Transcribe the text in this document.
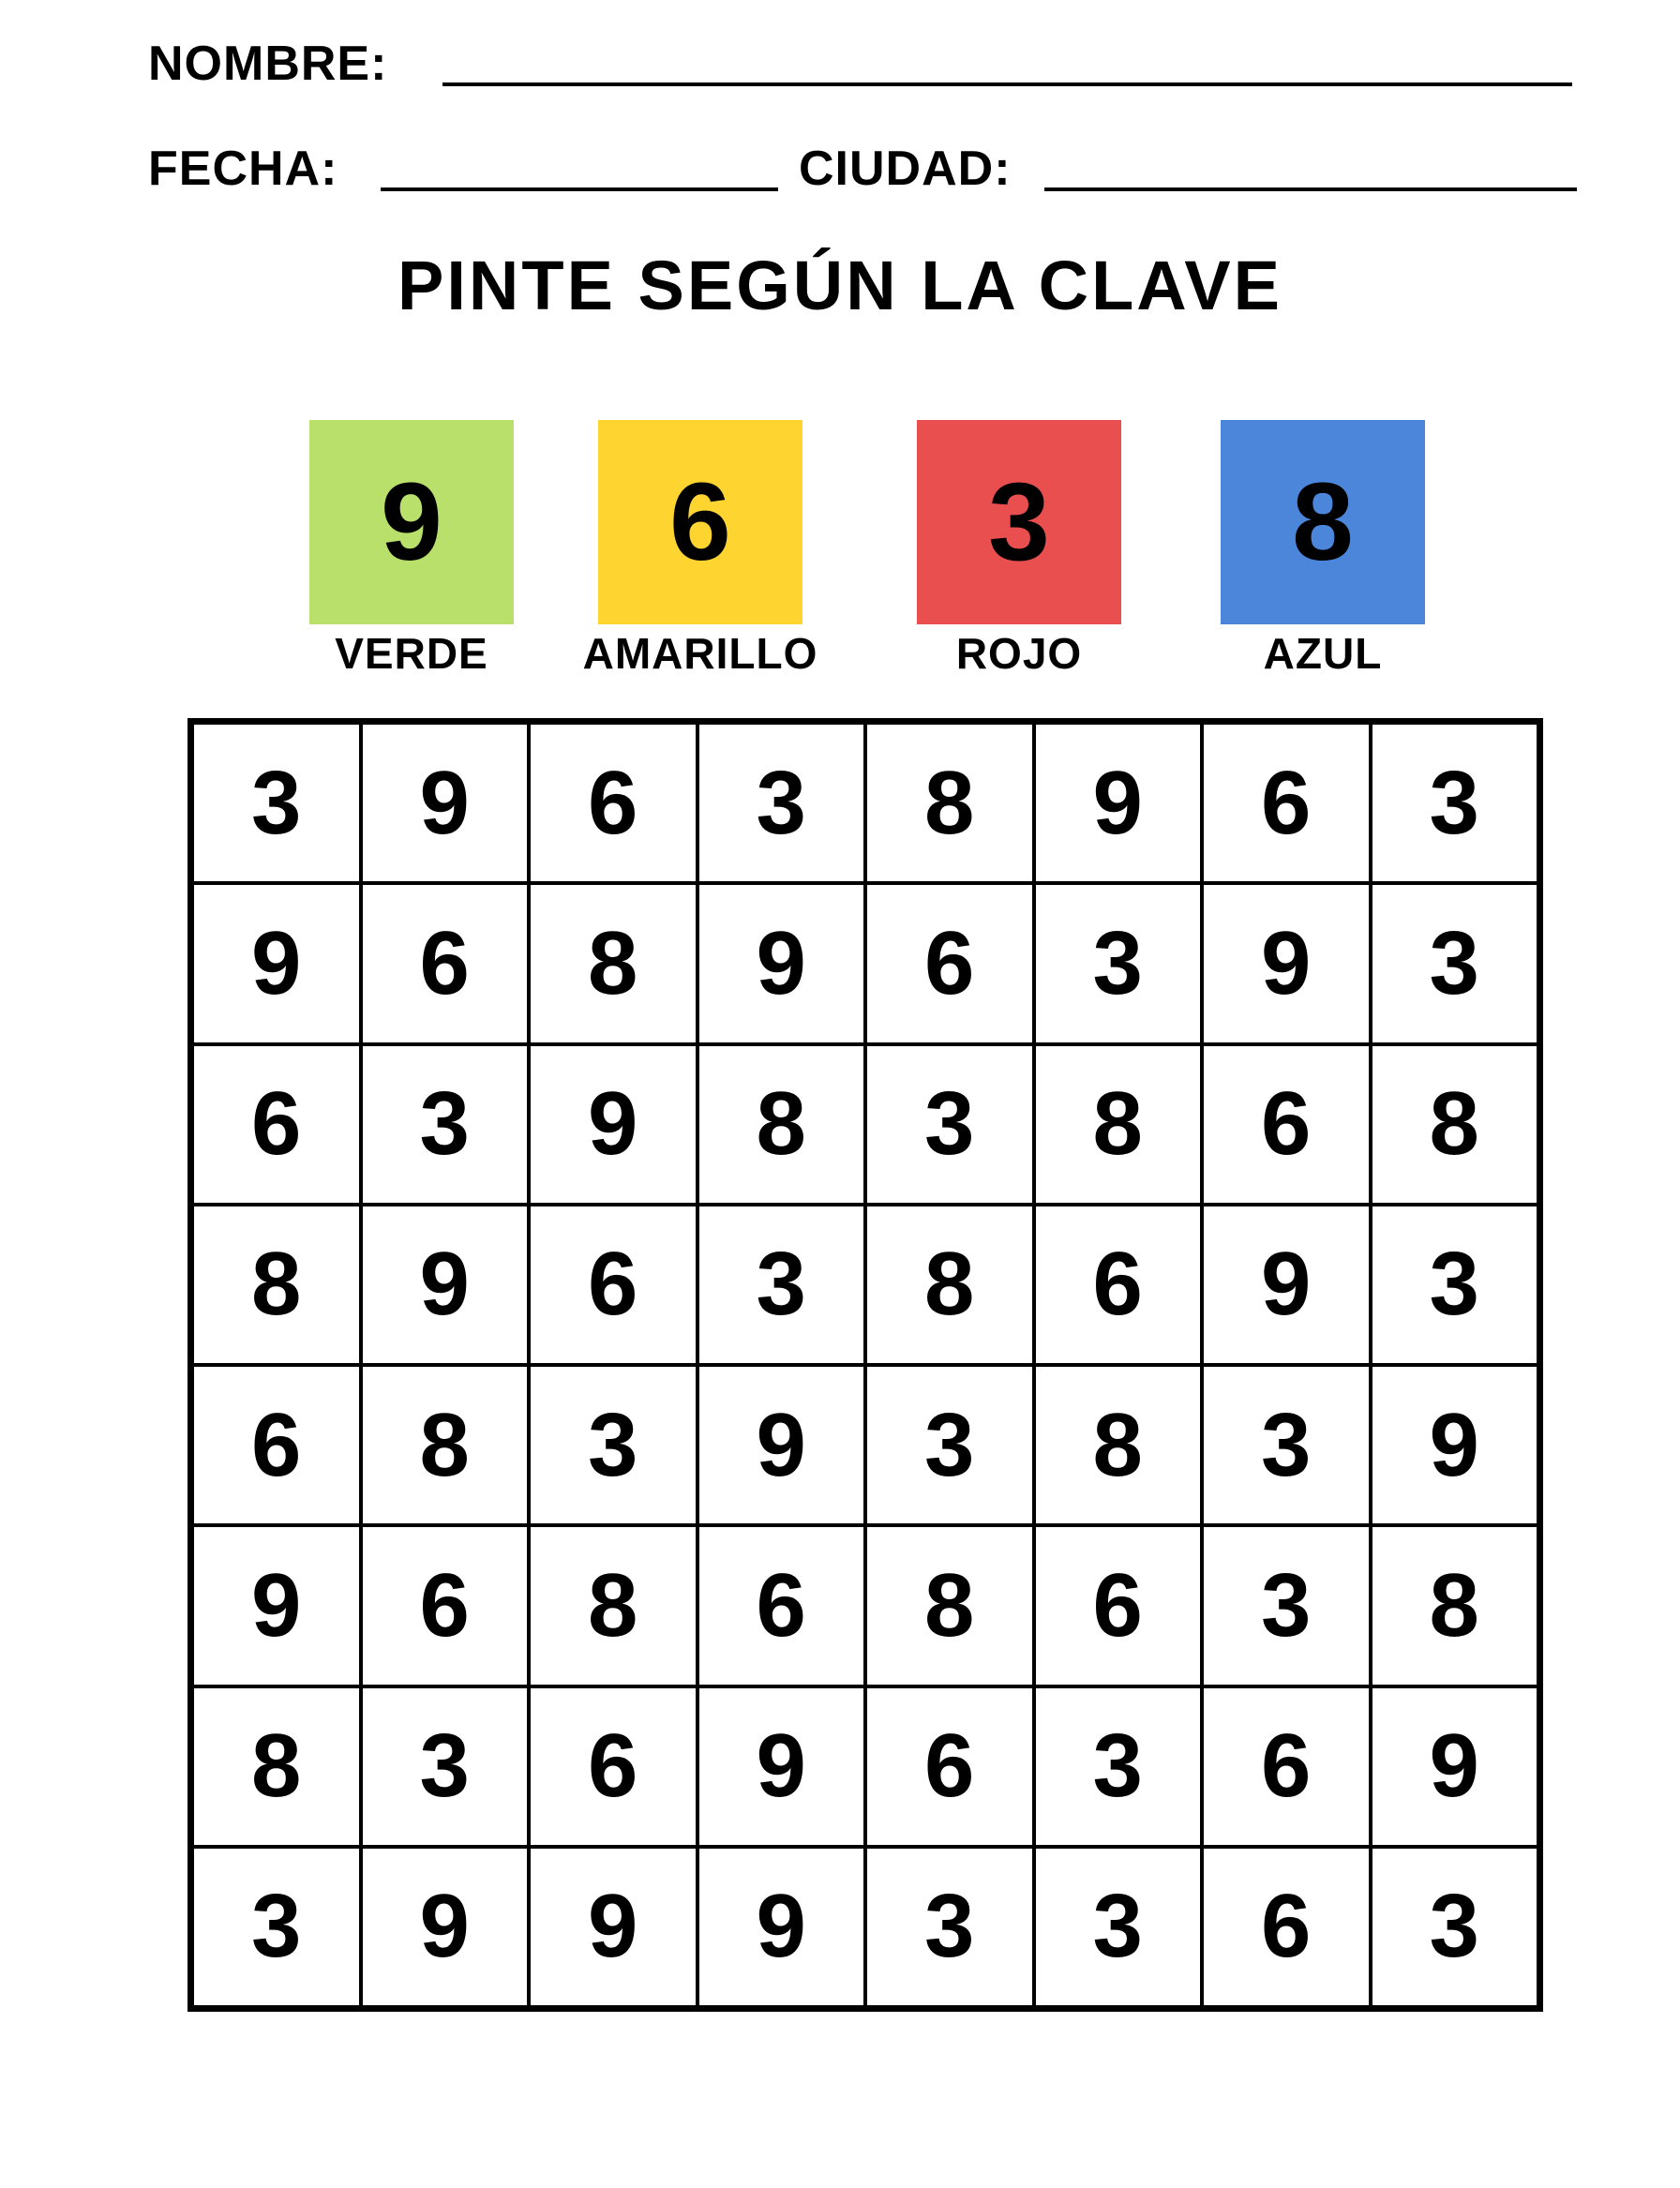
NOMBRE:
FECHA:	CIUDAD:
PINTE SEGÚN LA CLAVE
9
VERDE
6
AMARILLO
3
ROJO
8
AZUL
3	9	6	3	8	9	6	3
9	6	8	9	6	3	9	3
6	3	9	8	3	8	6	8
8	9	6	3	8	6	9	3
6	8	3	9	3	8	3	9
9	6	8	6	8	6	3	8
8	3	6	9	6	3	6	9
3	9	9	9	3	3	6	3
